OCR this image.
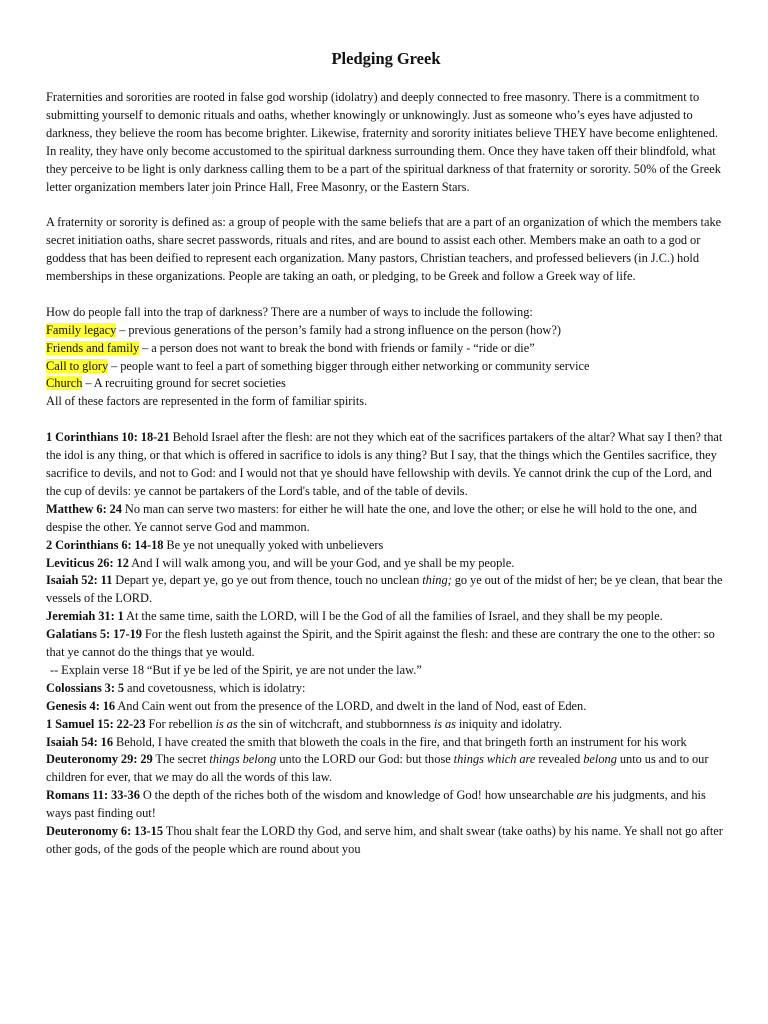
Pledging Greek

Fraternities and sororities are rooted in false god worship (idolatry) and deeply connected to free masonry. There is a commitment to submitting yourself to demonic rituals and oaths, whether knowingly or unknowingly. Just as someone who’s eyes have adjusted to darkness, they believe the room has become brighter. Likewise, fraternity and sorority initiates believe THEY have become enlightened. In reality, they have only become accustomed to the spiritual darkness surrounding them. Once they have taken off their blindfold, what they perceive to be light is only darkness calling them to be a part of the spiritual darkness of that fraternity or sorority. 50% of the Greek letter organization members later join Prince Hall, Free Masonry, or the Eastern Stars.

A fraternity or sorority is defined as: a group of people with the same beliefs that are a part of an organization of which the members take secret initiation oaths, share secret passwords, rituals and rites, and are bound to assist each other. Members make an oath to a god or goddess that has been deified to represent each organization. Many pastors, Christian teachers, and professed believers (in J.C.) hold memberships in these organizations. People are taking an oath, or pledging, to be Greek and follow a Greek way of life.

How do people fall into the trap of darkness? There are a number of ways to include the following:
Family legacy – previous generations of the person’s family had a strong influence on the person (how?)
Friends and family – a person does not want to break the bond with friends or family - “ride or die”
Call to glory – people want to feel a part of something bigger through either networking or community service
Church – A recruiting ground for secret societies
All of these factors are represented in the form of familiar spirits.

1 Corinthians 10: 18-21 Behold Israel after the flesh: are not they which eat of the sacrifices partakers of the altar? What say I then? that the idol is any thing, or that which is offered in sacrifice to idols is any thing? But I say, that the things which the Gentiles sacrifice, they sacrifice to devils, and not to God: and I would not that ye should have fellowship with devils. Ye cannot drink the cup of the Lord, and the cup of devils: ye cannot be partakers of the Lord's table, and of the table of devils.

Matthew 6: 24 No man can serve two masters: for either he will hate the one, and love the other; or else he will hold to the one, and despise the other. Ye cannot serve God and mammon.

2 Corinthians 6: 14-18 Be ye not unequally yoked with unbelievers

Leviticus 26: 12 And I will walk among you, and will be your God, and ye shall be my people.

Isaiah 52: 11 Depart ye, depart ye, go ye out from thence, touch no unclean thing; go ye out of the midst of her; be ye clean, that bear the vessels of the LORD.

Jeremiah 31: 1 At the same time, saith the LORD, will I be the God of all the families of Israel, and they shall be my people.

Galatians 5: 17-19 For the flesh lusteth against the Spirit, and the Spirit against the flesh: and these are contrary the one to the other: so that ye cannot do the things that ye would.
-- Explain verse 18 “But if ye be led of the Spirit, ye are not under the law.”

Colossians 3: 5 and covetousness, which is idolatry:

Genesis 4: 16 And Cain went out from the presence of the LORD, and dwelt in the land of Nod, east of Eden.

1 Samuel 15: 22-23 For rebellion is as the sin of witchcraft, and stubbornness is as iniquity and idolatry.

Isaiah 54: 16 Behold, I have created the smith that bloweth the coals in the fire, and that bringeth forth an instrument for his work

Deuteronomy 29: 29 The secret things belong unto the LORD our God: but those things which are revealed belong unto us and to our children for ever, that we may do all the words of this law.

Romans 11: 33-36 O the depth of the riches both of the wisdom and knowledge of God! how unsearchable are his judgments, and his ways past finding out!

Deuteronomy 6: 13-15 Thou shalt fear the LORD thy God, and serve him, and shalt swear (take oaths) by his name. Ye shall not go after other gods, of the gods of the people which are round about you
